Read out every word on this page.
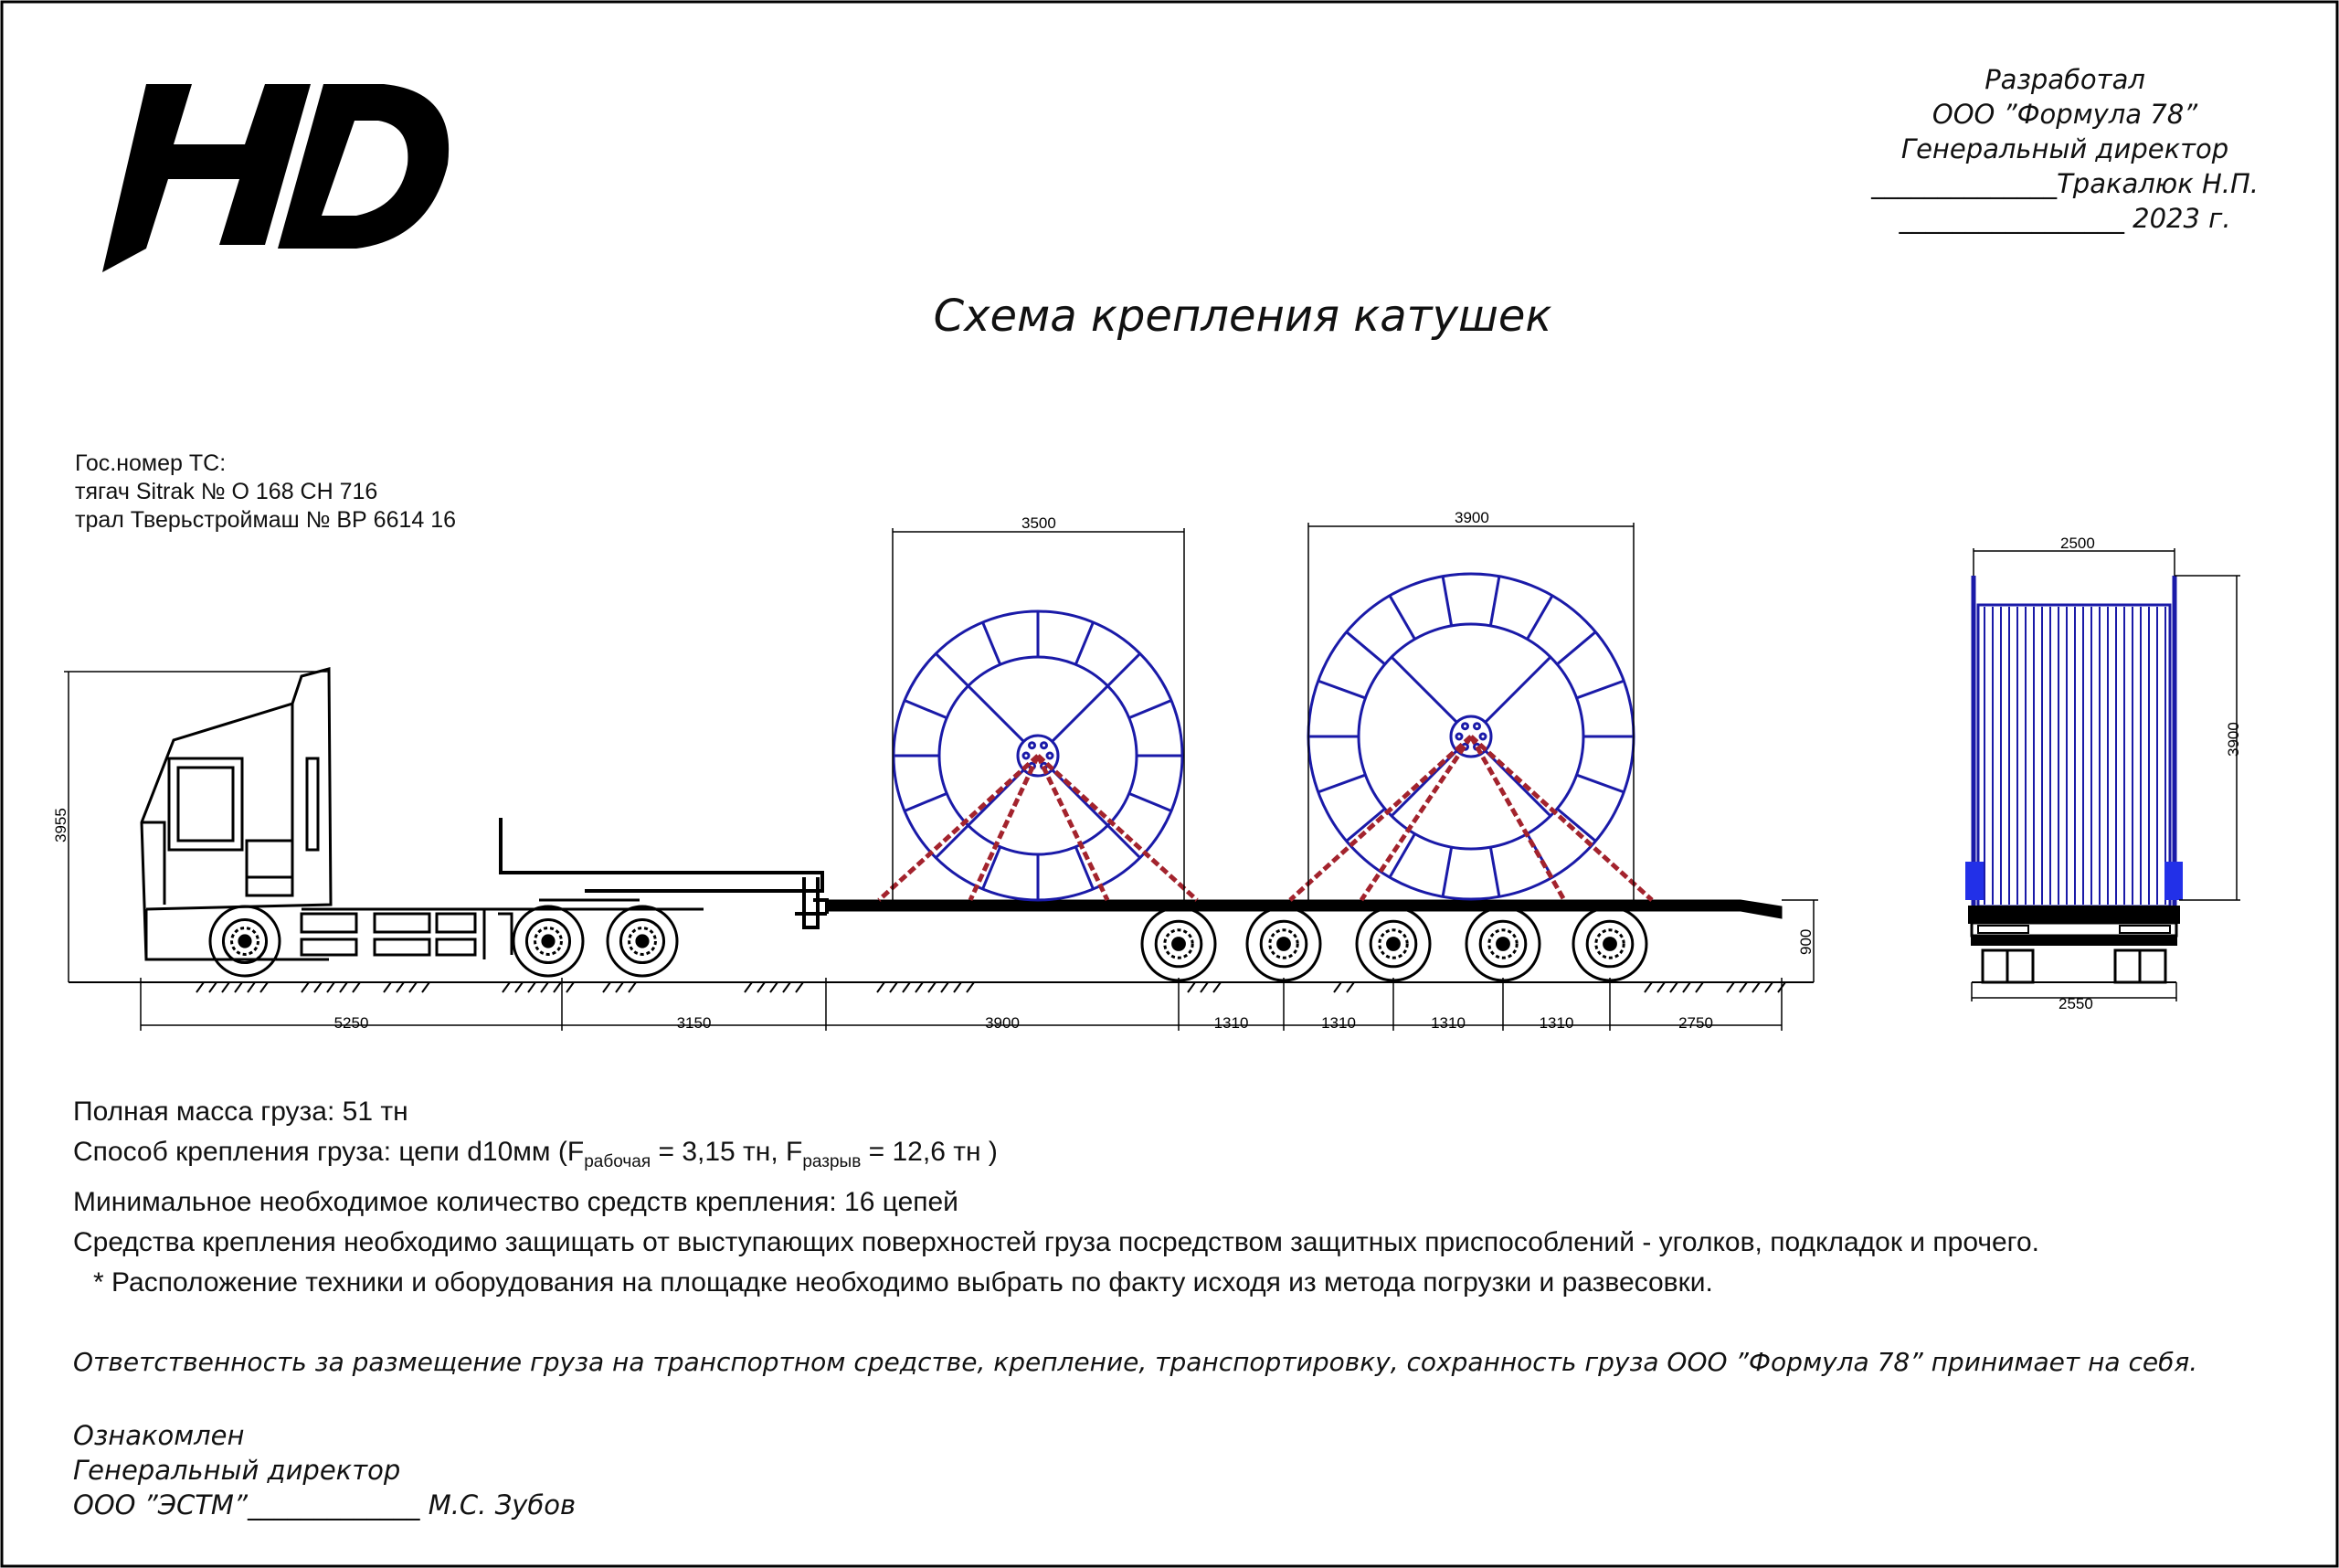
3955
900
3500	3900
2500
3900
2550
5250	3150	3900	1310	1310	1310	1310	2750
Разработал
ООО ”Формула 78”
Генеральный директор
______________Тракалюк Н.П.
_________________ 2023 г.
Схема крепления катушек
Гос.номер ТС:
тягач Sitrak № О 168 СН 716
трал Тверьстроймаш № ВР 6614 16
Полная масса груза: 51 тн
Способ крепления груза: цепи d10мм ($F_{рабочая} = 3,15$ тн, $F_{разрыв} = 12,6$ тн )
Минимальное необходимое количество средств крепления: 16 цепей
Средства крепления необходимо защищать от выступающих поверхностей груза посредством защитных приспособлений - уголков, подкладок и прочего.
* Расположение техники и оборудования на площадке необходимо выбрать по факту исходя из метода погрузки и развесовки.
Ответственность за размещение груза на транспортном средстве, крепление, транспортировку, сохранность груза ООО ”Формула 78” принимает на себя.
Ознакомлен
Генеральный директор
ООО ”ЭСТМ”_____________ М.С. Зубов
